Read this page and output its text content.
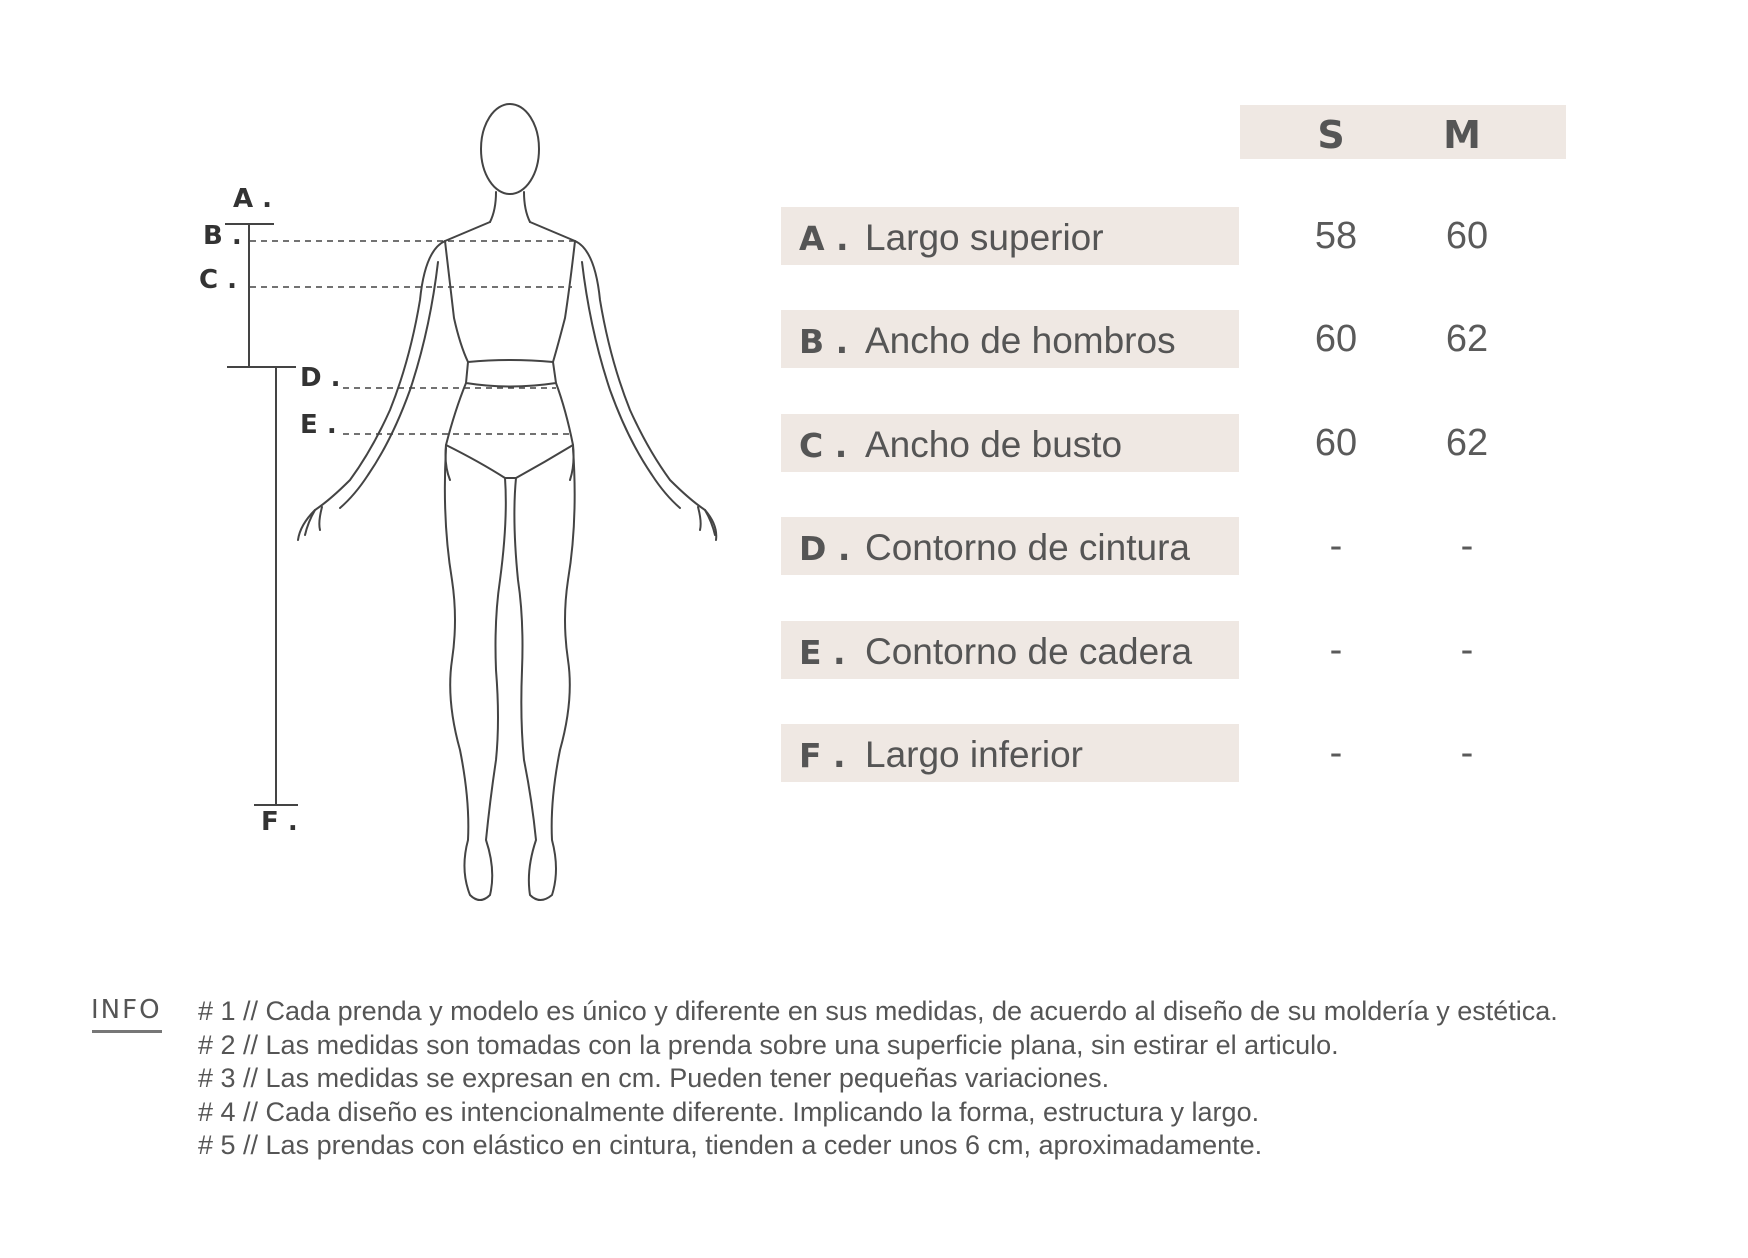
A .
B .
C .
D .
E .
F .
S	M
A . Largo superior	58	60
B . Ancho de hombros	60	62
C . Ancho de busto	60	62
D . Contorno de cintura	-	-
E . Contorno de cadera	-	-
F . Largo inferior	-	-
INFO # 1 // Cada prenda y modelo es único y diferente en sus medidas, de acuerdo al diseño de su moldería y estética.
# 2 // Las medidas son tomadas con la prenda sobre una superficie plana, sin estirar el articulo.
# 3 // Las medidas se expresan en cm. Pueden tener pequeñas variaciones.
# 4 // Cada diseño es intencionalmente diferente. Implicando la forma, estructura y largo.
# 5 // Las prendas con elástico en cintura, tienden a ceder unos 6 cm, aproximadamente.
